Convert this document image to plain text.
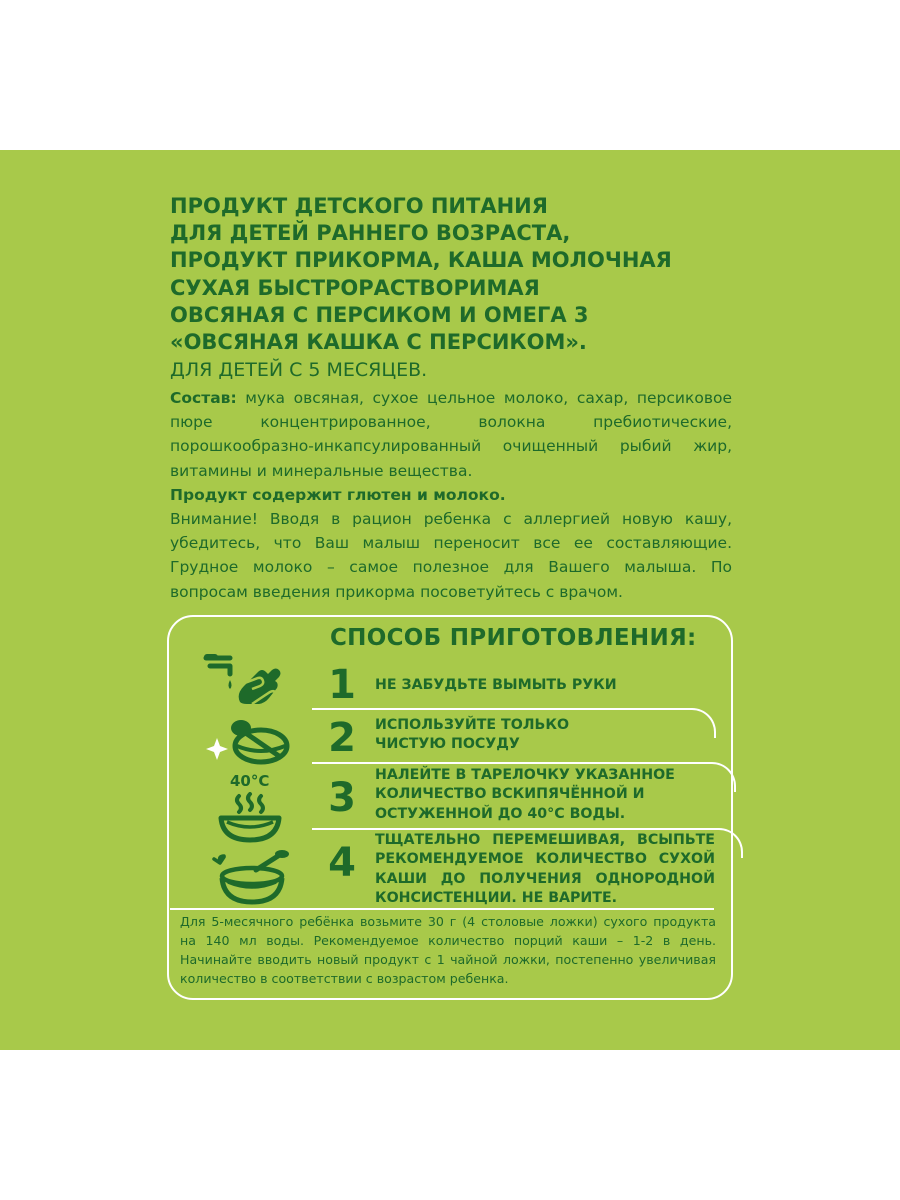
ПРОДУКТ ДЕТСКОГО ПИТАНИЯ
ДЛЯ ДЕТЕЙ РАННЕГО ВОЗРАСТА,
ПРОДУКТ ПРИКОРМА, КАША МОЛОЧНАЯ
СУХАЯ БЫСТРОРАСТВОРИМАЯ
ОВСЯНАЯ С ПЕРСИКОМ И ОМЕГА 3
«ОВСЯНАЯ КАШКА С ПЕРСИКОМ».
ДЛЯ ДЕТЕЙ С 5 МЕСЯЦЕВ.

Состав: мука овсяная, сухое цельное молоко, сахар, персиковое пюре концентрированное, волокна пребиотические, порошкообразно-инкапсулированный очищенный рыбий жир, витамины и минеральные вещества.

Продукт содержит глютен и молоко.

Внимание! Вводя в рацион ребенка с аллергией новую кашу, убедитесь, что Ваш малыш переносит все ее составляющие. Грудное молоко – самое полезное для Вашего малыша. По вопросам введения прикорма посоветуйтесь с врачом.

СПОСОБ ПРИГОТОВЛЕНИЯ:
1	НЕ ЗАБУДЬТЕ ВЫМЫТЬ РУКИ
2	ИСПОЛЬЗУЙТЕ ТОЛЬКО ЧИСТУЮ ПОСУДУ
40°C 3	НАЛЕЙТЕ В ТАРЕЛОЧКУ УКАЗАННОЕ КОЛИЧЕСТВО ВСКИПЯЧЁННОЙ И ОСТУЖЕННОЙ ДО 40°С ВОДЫ.
4	ТЩАТЕЛЬНО ПЕРЕМЕШИВАЯ, ВСЫПЬТЕ РЕКОМЕНДУЕМОЕ КОЛИЧЕСТВО СУХОЙ КАШИ ДО ПОЛУЧЕНИЯ ОДНОРОДНОЙ КОНСИСТЕНЦИИ. НЕ ВАРИТЕ.
Для 5-месячного ребёнка возьмите 30 г (4 столовые ложки) сухого продукта на 140 мл воды. Рекомендуемое количество порций каши – 1-2 в день. Начинайте вводить новый продукт с 1 чайной ложки, постепенно увеличивая количество в соответствии с возрастом ребенка.
